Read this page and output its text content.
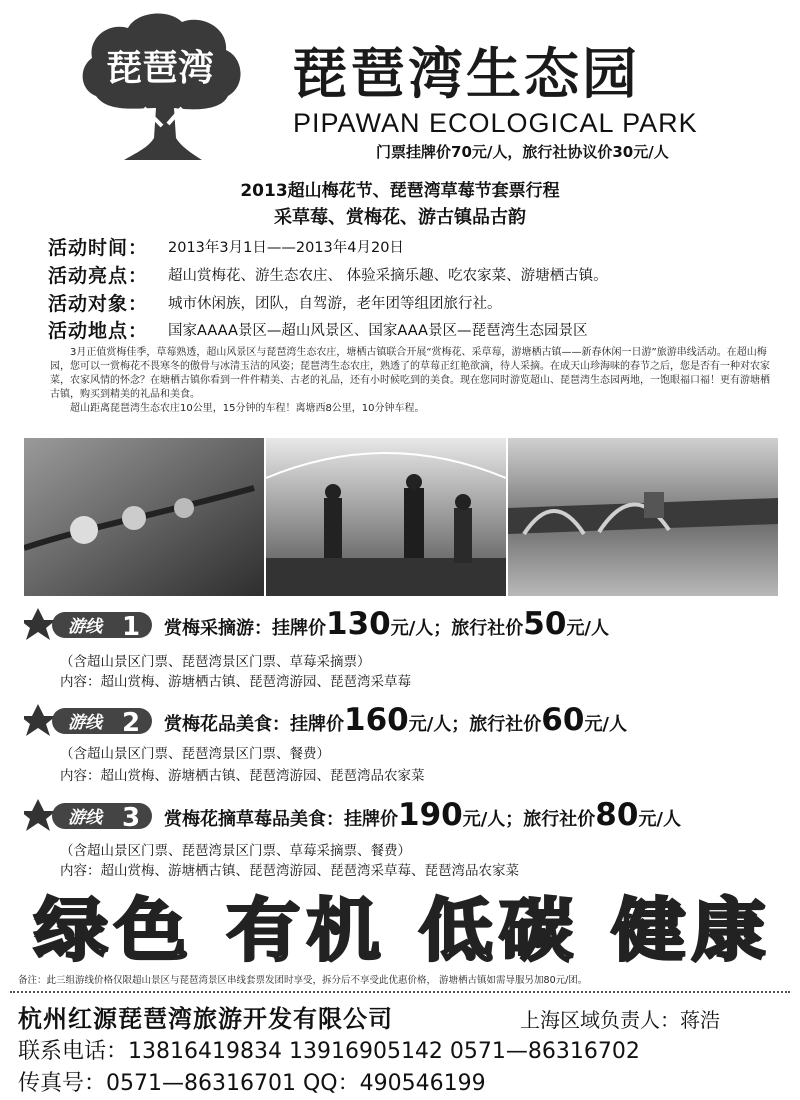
琵琶湾 琵琶湾生态园
PIPAWAN ECOLOGICAL PARK
门票挂牌价70元/人，旅行社协议价30元/人
2013超山梅花节、琵琶湾草莓节套票行程
采草莓、赏梅花、游古镇品古韵
活动时间：	2013年3月1日——2013年4月20日
活动亮点：	超山赏梅花、游生态农庄、 体验采摘乐趣、吃农家菜、游塘栖古镇。
活动对象：	城市休闲族，团队，自驾游，老年团等组团旅行社。
活动地点：	国家AAAA景区—超山风景区、国家AAA景区—琵琶湾生态园景区

3月正值赏梅佳季，草莓熟透，超山风景区与琵琶湾生态农庄，塘栖古镇联合开展“赏梅花、采草莓，游塘栖古镇——新春休闲一日游”旅游串线活动。在超山梅园，您可以一赏梅花不畏寒冬的傲骨与冰清玉洁的风姿；琵琶湾生态农庄，熟透了的草莓正红艳欲滴，待人采摘。在成天山珍海味的春节之后，您是否有一种对农家菜，农家风情的怀念？在塘栖古镇你看到一件件精美、古老的礼品，还有小时候吃到的美食。现在您同时游览超山、琵琶湾生态园两地，一饱眼福口福！更有游塘栖古镇，购买到精美的礼品和美食。

超山距离琵琶湾生态农庄10公里，15分钟的车程！离塘西8公里，10分钟车程。

游线 1 赏梅采摘游：挂牌价 130 元/人；旅行社价 50 元/人
（含超山景区门票、琵琶湾景区门票、草莓采摘票）
内容：超山赏梅、游塘栖古镇、琵琶湾游园、琵琶湾采草莓
游线 2 赏梅花品美食：挂牌价 160 元/人；旅行社价 60 元/人
（含超山景区门票、琵琶湾景区门票、餐费）
内容：超山赏梅、游塘栖古镇、琵琶湾游园、琵琶湾品农家菜
游线 3 赏梅花摘草莓品美食：挂牌价 190 元/人；旅行社价 80 元/人
（含超山景区门票、琵琶湾景区门票、草莓采摘票、餐费）
内容：超山赏梅、游塘栖古镇、琵琶湾游园、琵琶湾采草莓、琵琶湾品农家菜
绿色 有机 低碳 健康
备注：此三组游线价格仅限超山景区与琵琶湾景区串线套票发团时享受，拆分后不享受此优惠价格， 游塘栖古镇如需导服另加80元/团。
杭州红源琵琶湾旅游开发有限公司	上海区域负责人：蒋浩
联系电话：13816419834 13916905142 0571—86316702
传真号：0571—86316701 QQ：490546199
